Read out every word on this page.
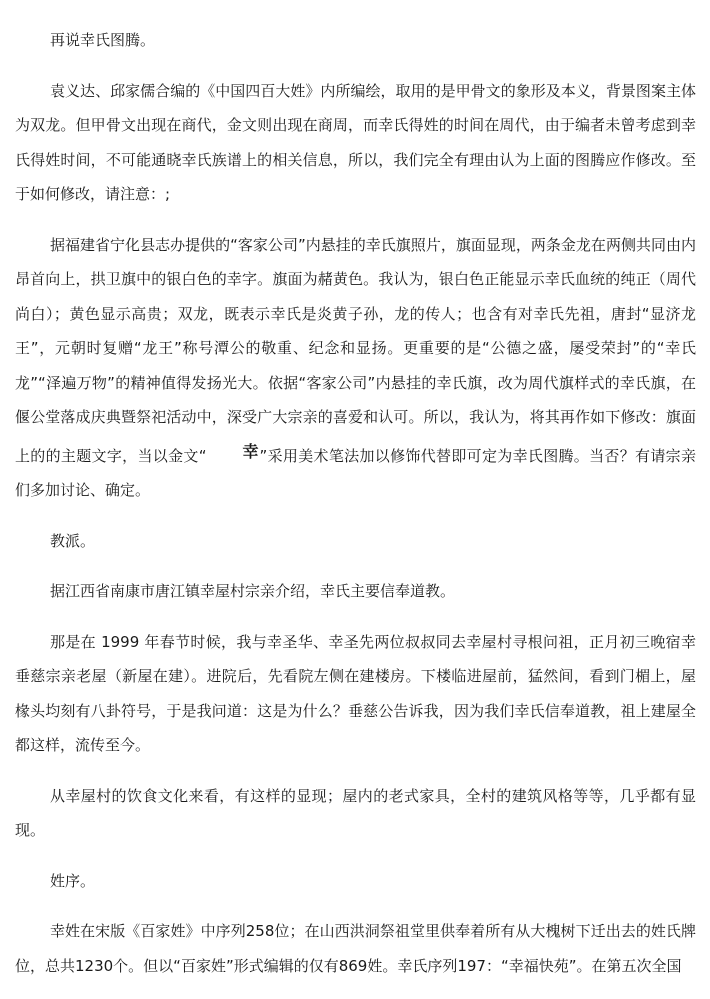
再说幸氏图腾。

袁义达、邱家儒合编的《中国四百大姓》内所编绘，取用的是甲骨文的象形及本义，背景图案主体为双龙。但甲骨文出现在商代，金文则出现在商周，而幸氏得姓的时间在周代，由于编者未曾考虑到幸氏得姓时间，不可能通晓幸氏族谱上的相关信息，所以，我们完全有理由认为上面的图腾应作修改。至于如何修改，请注意：;

据福建省宁化县志办提供的“客家公司”内悬挂的幸氏旗照片，旗面显现，两条金龙在两侧共同由内昂首向上，拱卫旗中的银白色的幸字。旗面为赭黄色。我认为，银白色正能显示幸氏血统的纯正（周代尚白）；黄色显示高贵；双龙，既表示幸氏是炎黄子孙，龙的传人；也含有对幸氏先祖，唐封“显济龙王”，元朝时复赠“龙王”称号潭公的敬重、纪念和显扬。更重要的是“公德之盛，屡受荣封”的“幸氏龙”“泽遍万物”的精神值得发扬光大。依据“客家公司”内悬挂的幸氏旗，改为周代旗样式的幸氏旗，在偃公堂落成庆典暨祭祀活动中，深受广大宗亲的喜爱和认可。所以，我认为，将其再作如下修改：旗面上的的主题文字，当以金文“ 幸”采用美术笔法加以修饰代替即可定为幸氏图腾。当否？有请宗亲们多加讨论、确定。

教派。

据江西省南康市唐江镇幸屋村宗亲介绍，幸氏主要信奉道教。

那是在 1999 年春节时候，我与幸圣华、幸圣先两位叔叔同去幸屋村寻根问祖，正月初三晚宿幸垂慈宗亲老屋（新屋在建）。进院后，先看院左侧在建楼房。下楼临进屋前，猛然间，看到门楣上，屋椽头均刻有八卦符号，于是我问道：这是为什么？垂慈公告诉我，因为我们幸氏信奉道教，祖上建屋全都这样，流传至今。

从幸屋村的饮食文化来看，有这样的显现；屋内的老式家具，全村的建筑风格等等，几乎都有显现。

姓序。

幸姓在宋版《百家姓》中序列258位；在山西洪洞祭祖堂里供奉着所有从大槐树下迁出去的姓氏牌位，总共1230个。但以“百家姓”形式编辑的仅有869姓。幸氏序列197：“幸福快苑”。在第五次全国
